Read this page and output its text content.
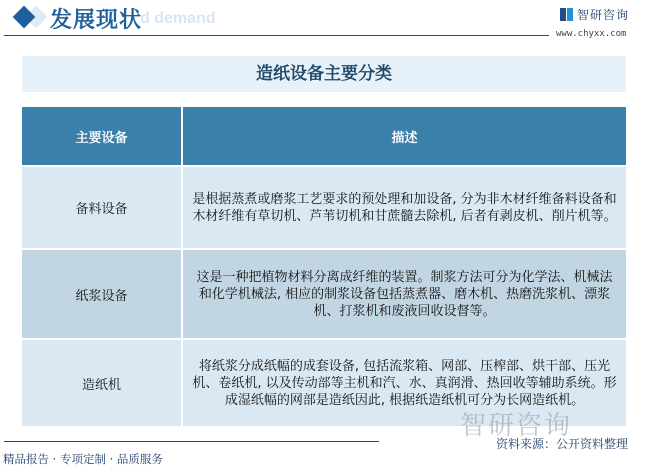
d demand
发展现状	智研咨询
www.chyxx.com
造纸设备主要分类
主要设备	描述
备料设备
是根据蒸煮或磨浆工艺要求的预处理和加设备, 分为非木材纤维备料设备和木材纤维有草切机、芦苇切机和甘蔗髓去除机, 后者有剥皮机、削片机等。
纸浆设备
这是一种把植物材料分离成纤维的装置。制浆方法可分为化学法、机械法和化学机械法, 相应的制浆设备包括蒸煮器、磨木机、热磨洗浆机、漂浆机、打浆机和废液回收设督等。
造纸机
将纸浆分成纸幅的成套设备, 包括流浆箱、网部、压榨部、烘干部、压光机、卷纸机, 以及传动部等主机和汽、水、真润滑、热回收等辅助系统。形成湿纸幅的网部是造纸因此, 根据纸造纸机可分为长网造纸机。
智研咨询
资料来源：公开资料整理
精品报告 · 专项定制 · 品质服务
